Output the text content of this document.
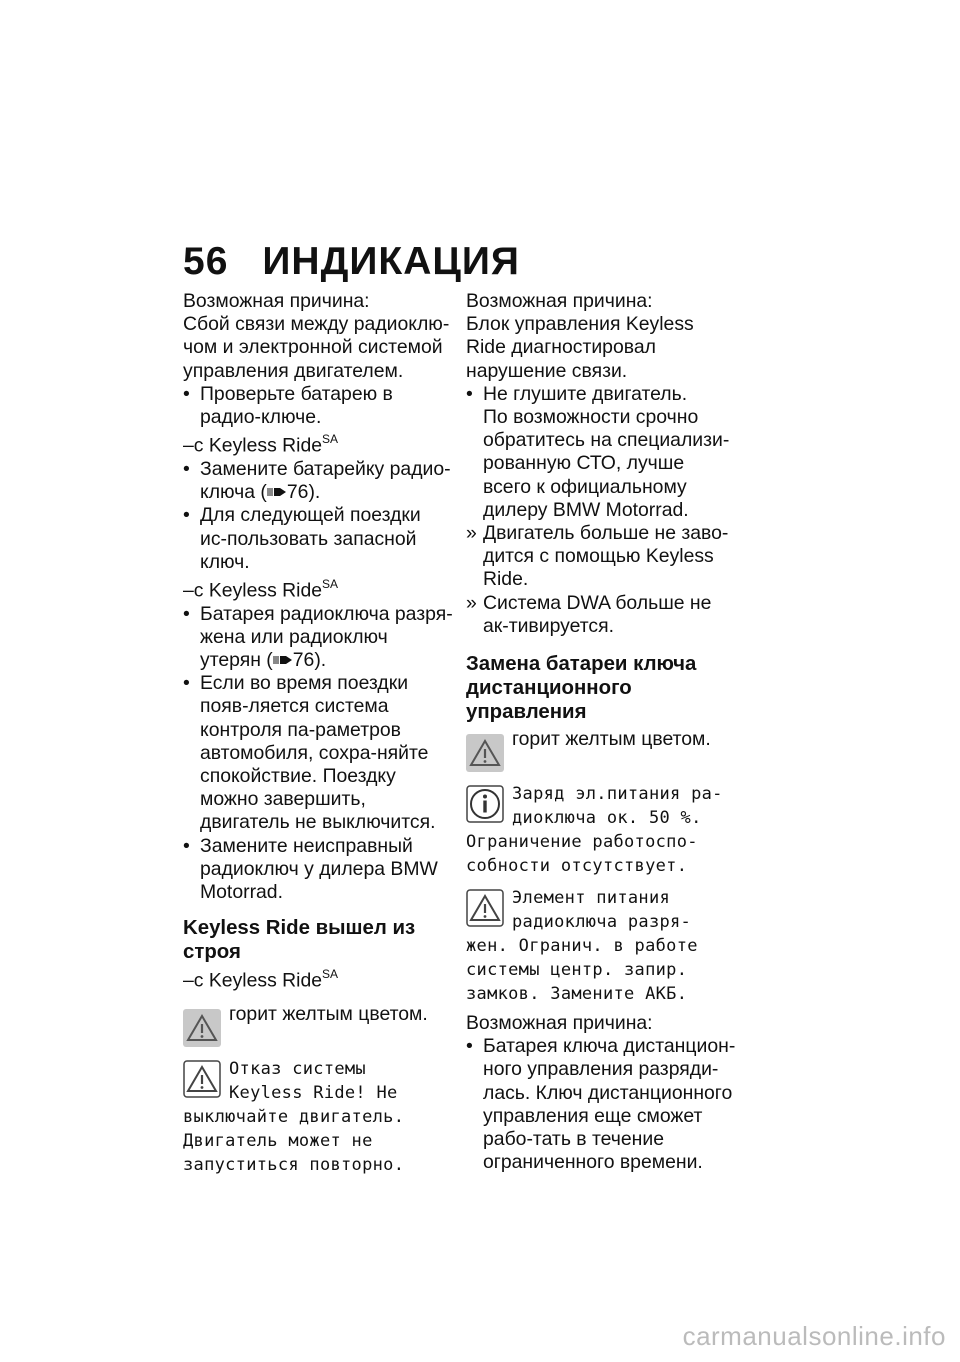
56 ИНДИКАЦИЯ

Возможная причина:

Сбой связи между радиоклю-чом и электронной системой управления двигателем.

• Проверьте батарею в радио-ключе.

–с Keyless Ride$^{SA}$

• Замените батарейку радио-ключа ( 76).

• Для следующей поездки ис-пользовать запасной ключ.

–с Keyless Ride$^{SA}$

• Батарея радиоключа разря-жена или радиоключ утерян ( 76).

• Если во время поездки появ-ляется система контроля па-раметров автомобиля, сохра-няйте спокойствие. Поездку можно завершить, двигатель не выключится.

• Замените неисправный радиоключ у дилера BMW Motorrad.

Keyless Ride вышел из строя

–с Keyless Ride$^{SA}$

горит желтым цветом.

Отказ системы
Keyless Ride! Не
выключайте двигатель. Двигатель может не запуститься повторно.

Возможная причина:

Блок управления Keyless Ride диагностировал нарушение связи.

• Не глушите двигатель.

По возможности срочно обратитесь на специализи-рованную СТО, лучше всего к официальному дилеру BMW Motorrad.

» Двигатель больше не заво-дится с помощью Keyless Ride.

» Система DWA больше не ак-тивируется.

Замена батареи ключа дистанционного управления

горит желтым цветом.

Заряд эл.питания ра-
диоключа ок. 50 %.
Ограничение работоспо-собности отсутствует.
Элемент питания
радиоключа разря-
жен. Огранич. в работе системы центр. запир. замков. Замените АКБ.

Возможная причина:

• Батарея ключа дистанцион-ного управления разряди-лась. Ключ дистанционного управления еще сможет рабо-тать в течение ограниченного времени.

carmanualsonline.info
